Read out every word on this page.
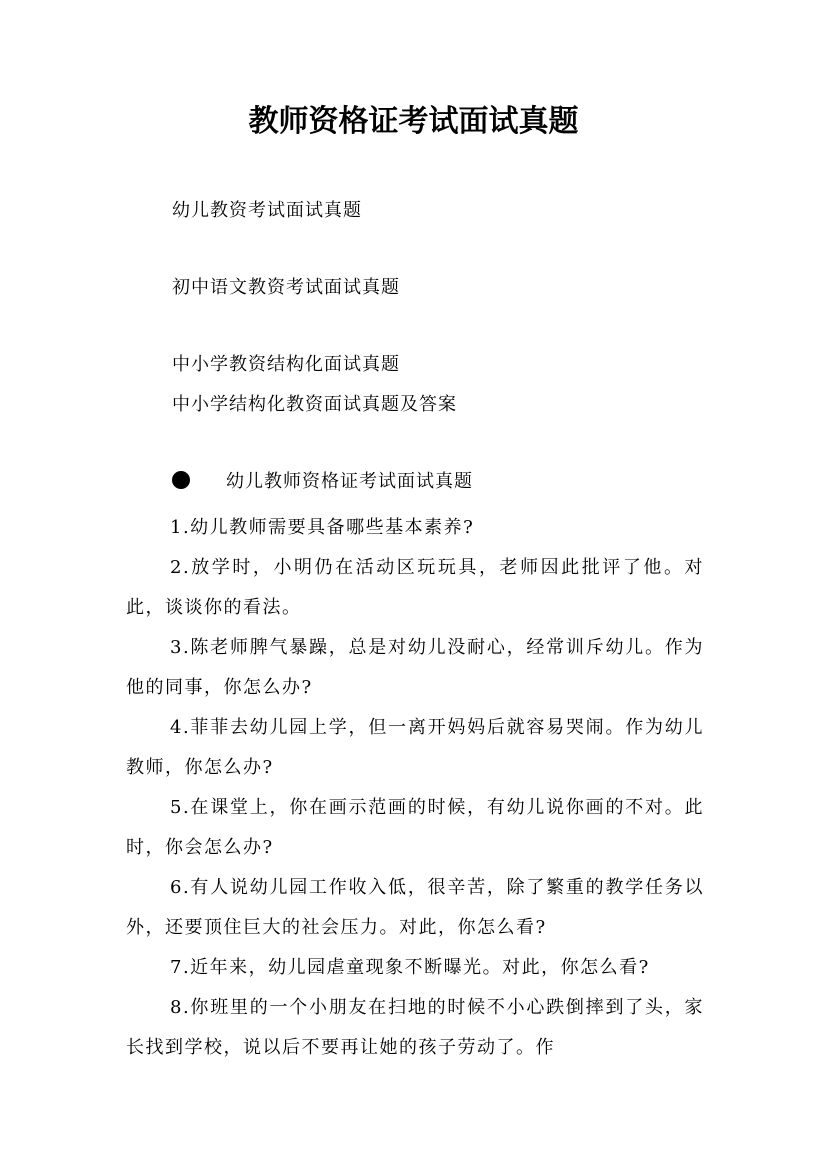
教师资格证考试面试真题
幼儿教资考试面试真题
初中语文教资考试面试真题
中小学教资结构化面试真题
中小学结构化教资面试真题及答案
幼儿教师资格证考试面试真题

1.幼儿教师需要具备哪些基本素养?

2.放学时，小明仍在活动区玩玩具，老师因此批评了他。对此，谈谈你的看法。

3.陈老师脾气暴躁，总是对幼儿没耐心，经常训斥幼儿。作为他的同事，你怎么办?

4.菲菲去幼儿园上学，但一离开妈妈后就容易哭闹。作为幼儿教师，你怎么办?

5.在课堂上，你在画示范画的时候，有幼儿说你画的不对。此时，你会怎么办?

6.有人说幼儿园工作收入低，很辛苦，除了繁重的教学任务以外，还要顶住巨大的社会压力。对此，你怎么看?

7.近年来，幼儿园虐童现象不断曝光。对此，你怎么看?

8.你班里的一个小朋友在扫地的时候不小心跌倒摔到了头，家长找到学校，说以后不要再让她的孩子劳动了。作
